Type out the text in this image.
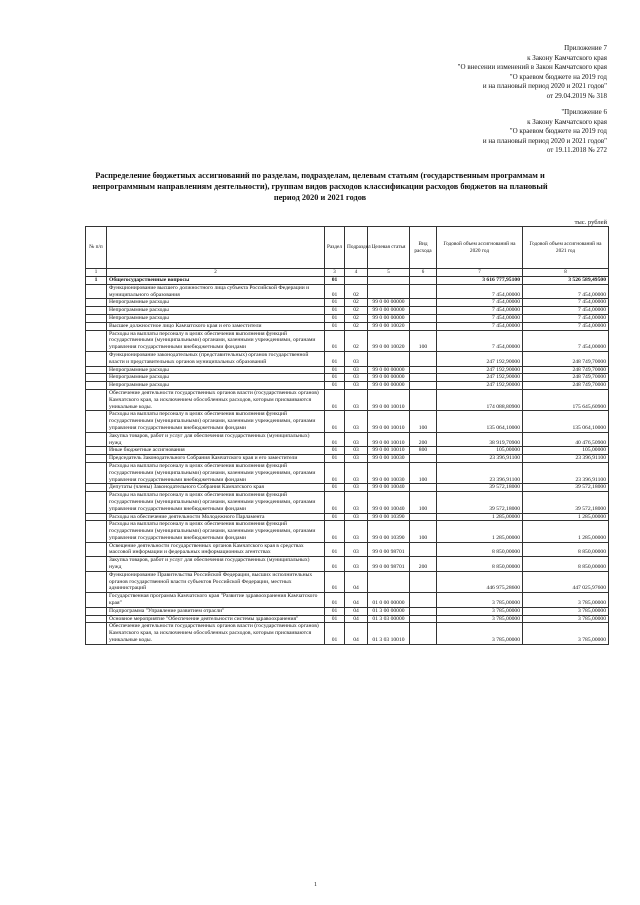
Приложение 7
к Закону Камчатского края
"О внесении изменений в Закон Камчатского края
"О краевом бюджете на 2019 год
и на плановый период 2020 и 2021 годов"
от 29.04.2019 № 318
"Приложение 6
к Закону Камчатского края
"О краевом бюджете на 2019 год
и на плановый период 2020 и 2021 годов"
от 19.11.2018 № 272
Распределение бюджетных ассигнований по разделам, подразделам, целевым статьям (государственным программам и непрограммным направлениям деятельности), группам видов расходов классификации расходов бюджетов на плановый период 2020 и 2021 годов
тыс. рублей
№ п/п		Раздел	Подраздел	Целевая статья	Вид расхода	Годовой объем ассигнований на 2020 год	Годовой объем ассигнований на 2021 год
1	2	3	4	5	6	7	8
1	Общегосударственные вопросы	01				3 616 777,95100	3 526 589,49500
	Функционирование высшего должностного лица субъекта Российской Федерации и муниципального образования	01	02			7 454,00000	7 454,00000
	Непрограммные расходы	01	02	99 0 00 00000		7 454,00000	7 454,00000
	Непрограммные расходы	01	02	99 0 00 00000		7 454,00000	7 454,00000
	Непрограммные расходы	01	02	99 0 00 00000		7 454,00000	7 454,00000
	Высшее должностное лицо Камчатского края и его заместители	01	02	99 0 00 10020		7 454,00000	7 454,00000
	Расходы на выплаты персоналу в целях обеспечения выполнения функций государственными (муниципальными) органами, казенными учреждениями, органами управления государственными внебюджетными фондами	01	02	99 0 00 10020	100	7 454,00000	7 454,00000
	Функционирование законодательных (представительных) органов государственной власти и представительных органов муниципальных образований	01	03			247 192,90000	248 749,70000
	Непрограммные расходы	01	03	99 0 00 00000		247 192,90000	248 749,70000
	Непрограммные расходы	01	03	99 0 00 00000		247 192,90000	248 749,70000
	Непрограммные расходы	01	03	99 0 00 00000		247 192,90000	248 749,70000
	Обеспечение деятельности государственных органов власти (государственных органов) Камчатского края, за исключением обособленных расходов, которым присваиваются уникальные коды.	01	03	99 0 00 10010		174 088,80900	175 645,60900
	Расходы на выплаты персоналу в целях обеспечения выполнения функций государственными (муниципальными) органами, казенными учреждениями, органами управления государственными внебюджетными фондами	01	03	99 0 00 10010	100	135 064,10000	135 064,10000
	Закупка товаров, работ и услуг для обеспечения государственных (муниципальных) нужд	01	03	99 0 00 10010	200	38 919,70900	40 476,50900
	Иные бюджетные ассигнования	01	03	99 0 00 10010	800	105,00000	105,00000
	Председатель Законодательного Собрания Камчатского края и его заместители	01	03	99 0 00 10030		23 396,91100	23 396,91100
	Расходы на выплаты персоналу в целях обеспечения выполнения функций государственными (муниципальными) органами, казенными учреждениями, органами управления государственными внебюджетными фондами	01	03	99 0 00 10030	100	23 396,91100	23 396,91100
	Депутаты (члены) Законодательного Собрания Камчатского края	01	03	99 0 00 10040		39 572,18000	39 572,18000
	Расходы на выплаты персоналу в целях обеспечения выполнения функций государственными (муниципальными) органами, казенными учреждениями, органами управления государственными внебюджетными фондами	01	03	99 0 00 10040	100	39 572,18000	39 572,18000
	Расходы на обеспечение деятельности Молодежного Парламента	01	03	99 0 00 10390		1 285,00000	1 285,00000
	Расходы на выплаты персоналу в целях обеспечения выполнения функций государственными (муниципальными) органами, казенными учреждениями, органами управления государственными внебюджетными фондами	01	03	99 0 00 10390	100	1 285,00000	1 285,00000
	Освещение деятельности государственных органов Камчатского края в средствах массовой информации и федеральных информационных агентствах	01	03	99 0 00 98701		8 850,00000	8 850,00000
	Закупка товаров, работ и услуг для обеспечения государственных (муниципальных) нужд	01	03	99 0 00 98701	200	8 850,00000	8 850,00000
	Функционирование Правительства Российской Федерации, высших исполнительных органов государственной власти субъектов Российской Федерации, местных администраций	01	04			446 975,28600	447 025,97600
	Государственная программа Камчатского края "Развитие здравоохранения Камчатского края"	01	04	01 0 00 00000		3 785,00000	3 785,00000
	Подпрограмма "Управление развитием отрасли"	01	04	01 3 00 00000		3 785,00000	3 785,00000
	Основное мероприятие "Обеспечение деятельности системы здравоохранения"	01	04	01 3 03 00000		3 785,00000	3 785,00000
	Обеспечение деятельности государственных органов власти (государственных органов) Камчатского края, за исключением обособленных расходов, которым присваиваются уникальные коды.	01	04	01 3 03 10010		3 785,00000	3 785,00000
1
